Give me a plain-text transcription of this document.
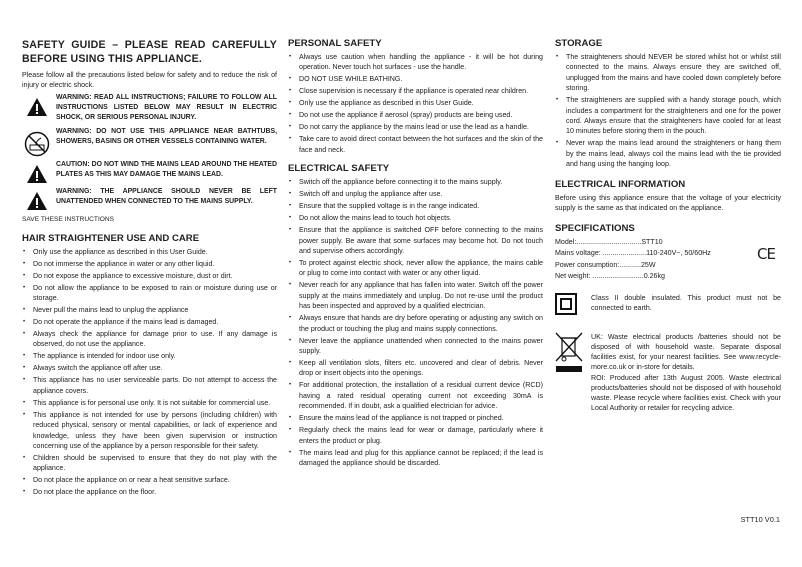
SAFETY GUIDE – PLEASE READ CAREFULLY BEFORE USING THIS APPLIANCE.

Please follow all the precautions listed below for safety and to reduce the risk of injury or electric shock.

WARNING: READ ALL INSTRUCTIONS; FAILURE TO FOLLOW ALL INSTRUCTIONS LISTED BELOW MAY RESULT IN ELECTRIC SHOCK, OR SERIOUS PERSONAL INJURY.
WARNING: DO NOT USE THIS APPLIANCE NEAR BATHTUBS, SHOWERS, BASINS OR OTHER VESSELS CONTAINING WATER.
CAUTION: DO NOT WIND THE MAINS LEAD AROUND THE HEATED PLATES AS THIS MAY DAMAGE THE MAINS LEAD.
WARNING: THE APPLIANCE SHOULD NEVER BE LEFT UNATTENDED WHEN CONNECTED TO THE MAINS SUPPLY.
SAVE THESE INSTRUCTIONS
HAIR STRAIGHTENER USE AND CARE
• Only use the appliance as described in this User Guide.
• Do not immerse the appliance in water or any other liquid.
• Do not expose the appliance to excessive moisture, dust or dirt.
• Do not allow the appliance to be exposed to rain or moisture during use or storage.
• Never pull the mains lead to unplug the appliance
• Do not operate the appliance if the mains lead is damaged.
• Always check the appliance for damage prior to use. If any damage is observed, do not use the appliance.
• The appliance is intended for indoor use only.
• Always switch the appliance off after use.
• This appliance has no user serviceable parts. Do not attempt to access the appliance covers.
• This appliance is for personal use only. It is not suitable for commercial use.
• This appliance is not intended for use by persons (including children) with reduced physical, sensory or mental capabilities, or lack of experience and knowledge, unless they have been given supervision or instruction concerning use of the appliance by a person responsible for their safety.
• Children should be supervised to ensure that they do not play with the appliance.
• Do not place the appliance on or near a heat sensitive surface.
• Do not place the appliance on the floor.
PERSONAL SAFETY
• Always use caution when handling the appliance - it will be hot during operation. Never touch hot surfaces - use the handle.
• DO NOT USE WHILE BATHING.
• Close supervision is necessary if the appliance is operated near children.
• Only use the appliance as described in this User Guide.
• Do not use the appliance if aerosol (spray) products are being used.
• Do not carry the appliance by the mains lead or use the lead as a handle.
• Take care to avoid direct contact between the hot surfaces and the skin of the face and neck.
ELECTRICAL SAFETY
• Switch off the appliance before connecting it to the mains supply.
• Switch off and unplug the appliance after use.
• Ensure that the supplied voltage is in the range indicated.
• Do not allow the mains lead to touch hot objects.
• Ensure that the appliance is switched OFF before connecting to the mains power supply. Be aware that some surfaces may become hot. Do not touch and supervise others accordingly.
• To protect against electric shock, never allow the appliance, the mains cable or plug to come into contact with water or any other liquid.
• Never reach for any appliance that has fallen into water. Switch off the power supply at the mains immediately and unplug. Do not re-use until the product has been inspected and approved by a qualified electrician.
• Always ensure that hands are dry before operating or adjusting any switch on the product or touching the plug and mains supply connections.
• Never leave the appliance unattended when connected to the mains power supply.
• Keep all ventilation slots, filters etc. uncovered and clear of debris. Never drop or insert objects into the openings.
• For additional protection, the installation of a residual current device (RCD) having a rated residual operating current not exceeding 30mA is recommended. If in doubt, ask a qualified electrician for advice.
• Ensure the mains lead of the appliance is not trapped or pinched.
• Regularly check the mains lead for wear or damage, particularly where it enters the product or plug.
• The mains lead and plug for this appliance cannot be replaced; if the lead is damaged the appliance should be discarded.
STORAGE
• The straighteners should NEVER be stored whilst hot or whilst still connected to the mains. Always ensure they are switched off, unplugged from the mains and have cooled down completely before storing.
• The straighteners are supplied with a handy storage pouch, which includes a compartment for the straighteners and one for the power cord. Always ensure that the straighteners have cooled for at least 10 minutes before storing them in the pouch.
• Never wrap the mains lead around the straighteners or hang them by the mains lead, always coil the mains lead with the tie provided and hang using the hanging loop.
ELECTRICAL INFORMATION

Before using this appliance ensure that the voltage of your electricity supply is the same as that indicated on the appliance.

SPECIFICATIONS
Model:.................................STT10
Mains voltage: ......................110-240V~, 50/60Hz
Power consumption:...........25W
Net weight: ..........................0.26kg
CE

Class II double insulated. This product must not be connected to earth.

UK: Waste electrical products /batteries should not be disposed of with household waste. Separate disposal facilities exist, for your nearest facilities. See www.recycle-more.co.uk or in-store for details.

ROI: Produced after 13th August 2005. Waste electrical products/batteries should not be disposed of with household waste. Please recycle where facilities exist. Check with your Local Authority or retailer for recycling advice.

STT10 V0.1
